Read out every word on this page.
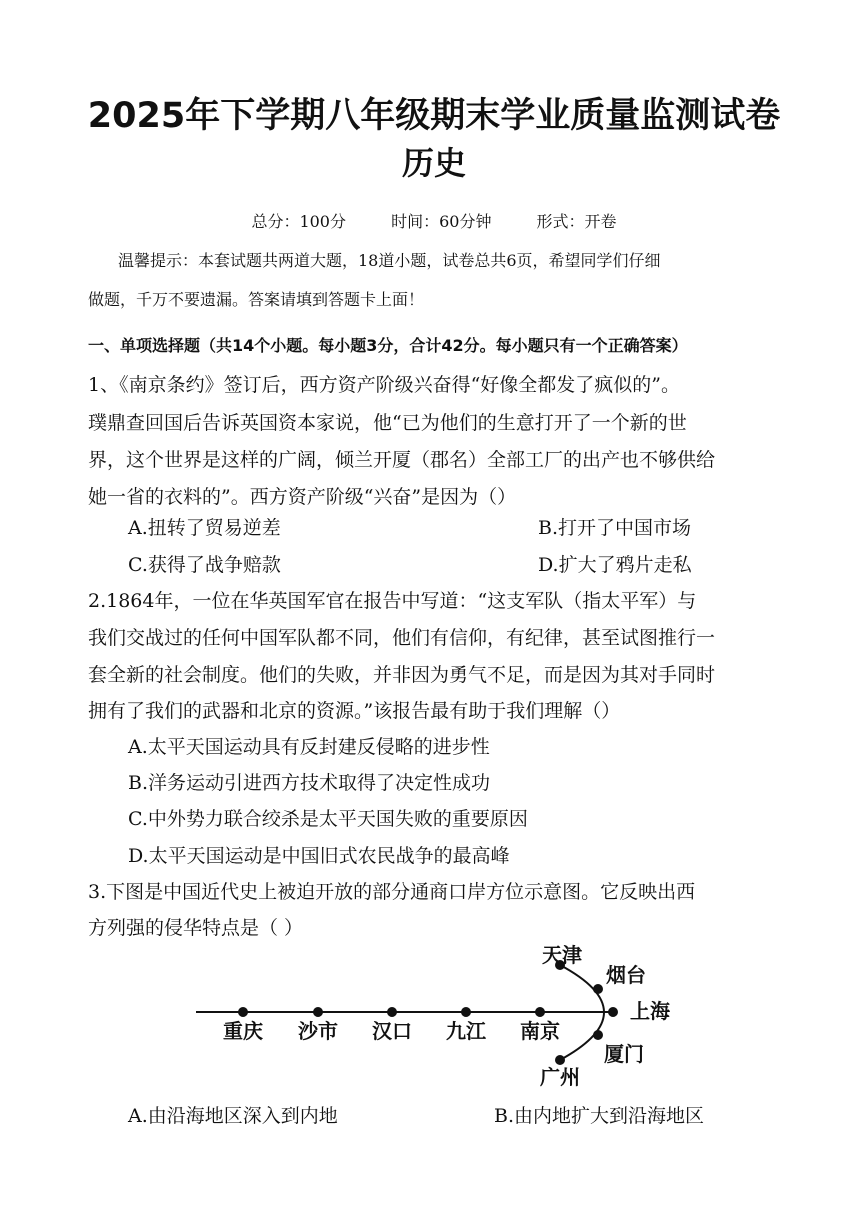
2025年下学期八年级期末学业质量监测试卷
历史
总分：100分	时间：60分钟	形式：开卷
温馨提示：本套试题共两道大题，18道小题，试卷总共6页，希望同学们仔细
做题，千万不要遗漏。答案请填到答题卡上面！
一、单项选择题（共14个小题。每小题3分，合计42分。每小题只有一个正确答案）
1、《南京条约》签订后，西方资产阶级兴奋得“好像全都发了疯似的”。
璞鼎查回国后告诉英国资本家说，他“已为他们的生意打开了一个新的世
界，这个世界是这样的广阔，倾兰开厦（郡名）全部工厂的出产也不够供给
她一省的衣料的”。西方资产阶级“兴奋”是因为（）
A.扭转了贸易逆差	B.打开了中国市场
C.获得了战争赔款	D.扩大了鸦片走私
2.1864年，一位在华英国军官在报告中写道：“这支军队（指太平军）与
我们交战过的任何中国军队都不同，他们有信仰，有纪律，甚至试图推行一
套全新的社会制度。他们的失败，并非因为勇气不足，而是因为其对手同时
拥有了我们的武器和北京的资源。”该报告最有助于我们理解（）
A.太平天国运动具有反封建反侵略的进步性
B.洋务运动引进西方技术取得了决定性成功
C.中外势力联合绞杀是太平天国失败的重要原因
D.太平天国运动是中国旧式农民战争的最高峰
3.下图是中国近代史上被迫开放的部分通商口岸方位示意图。它反映出西
方列强的侵华特点是（ ）
重庆 沙市 汉口 九江 南京
天津
烟台
上海
厦门
广州
A.由沿海地区深入到内地	B.由内地扩大到沿海地区
